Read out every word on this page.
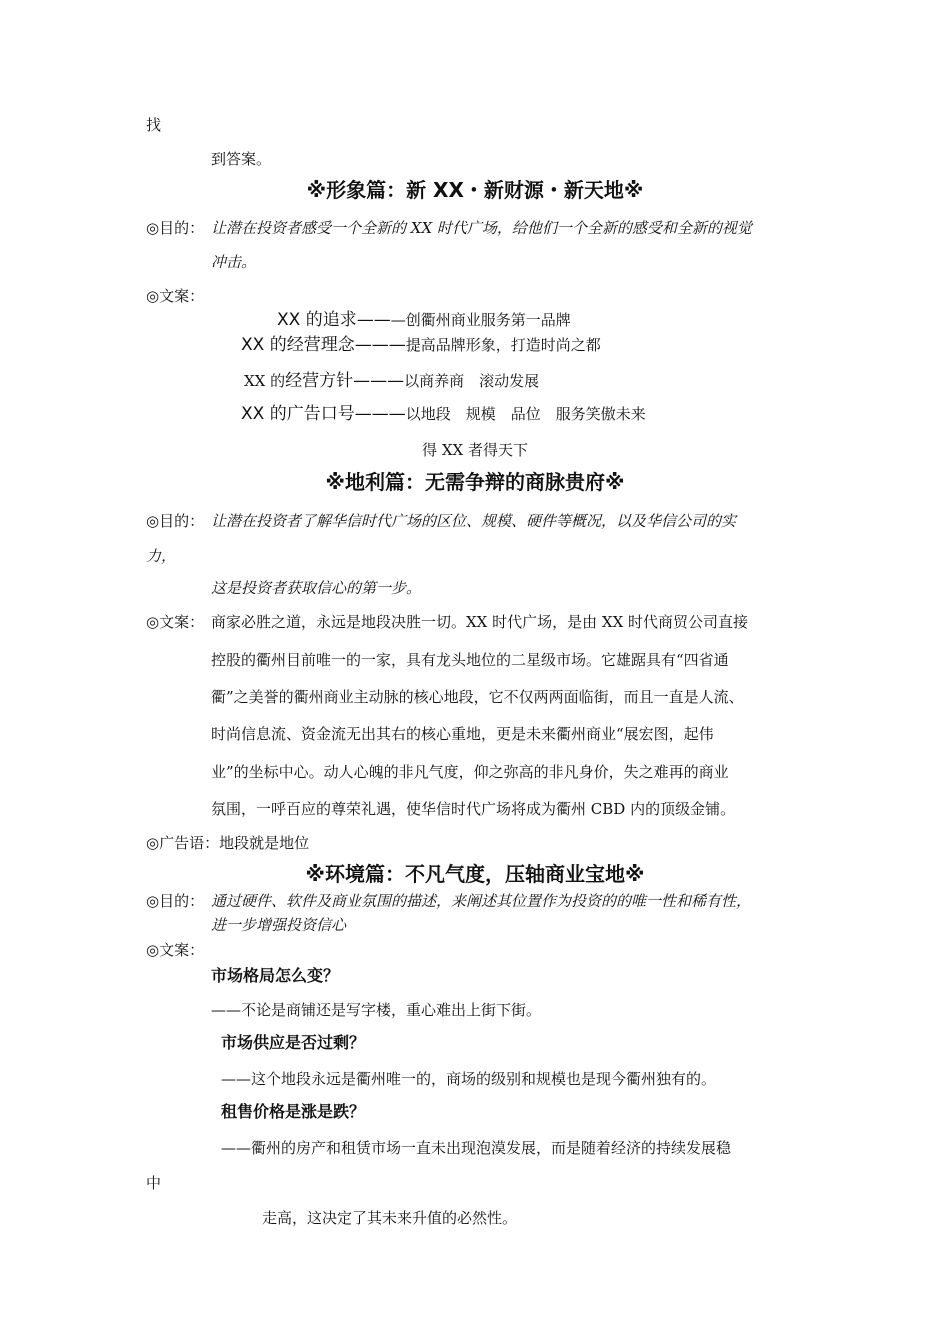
找
到答案。
※形象篇：新 XX・新财源・新天地※
◎目的： 让潜在投资者感受一个全新的 XX 时代广场，给他们一个全新的感受和全新的视觉
冲击。
◎文案：
XX 的追求———创衢州商业服务第一品牌
XX 的经营理念———提高品牌形象，打造时尚之都
XX 的经营方针———以商养商　滚动发展
XX 的广告口号———以地段　规模　品位　服务笑傲未来
得 XX 者得天下
※地利篇：无需争辩的商脉贵府※
◎目的： 让潜在投资者了解华信时代广场的区位、规模、硬件等概况，以及华信公司的实
力，
这是投资者获取信心的第一步。
◎文案： 商家必胜之道，永远是地段决胜一切。XX 时代广场，是由 XX 时代商贸公司直接
控股的衢州目前唯一的一家，具有龙头地位的二星级市场。它雄踞具有“四省通
衢”之美誉的衢州商业主动脉的核心地段，它不仅两两面临街，而且一直是人流、
时尚信息流、资金流无出其右的核心重地，更是未来衢州商业“展宏图，起伟
业”的坐标中心。动人心魄的非凡气度，仰之弥高的非凡身价，失之难再的商业
氛围，一呼百应的尊荣礼遇，使华信时代广场将成为衢州 CBD 内的顶级金铺。
◎广告语：地段就是地位
※环境篇：不凡气度，压轴商业宝地※
◎目的： 通过硬件、软件及商业氛围的描述，来阐述其位置作为投资的的唯一性和稀有性，
进一步增强投资信心
◎文案：
市场格局怎么变？
——不论是商铺还是写字楼，重心难出上街下街。
市场供应是否过剩？
——这个地段永远是衢州唯一的，商场的级别和规模也是现今衢州独有的。
租售价格是涨是跌？
——衢州的房产和租赁市场一直未出现泡漠发展，而是随着经济的持续发展稳
中
走高，这决定了其未来升值的必然性。
